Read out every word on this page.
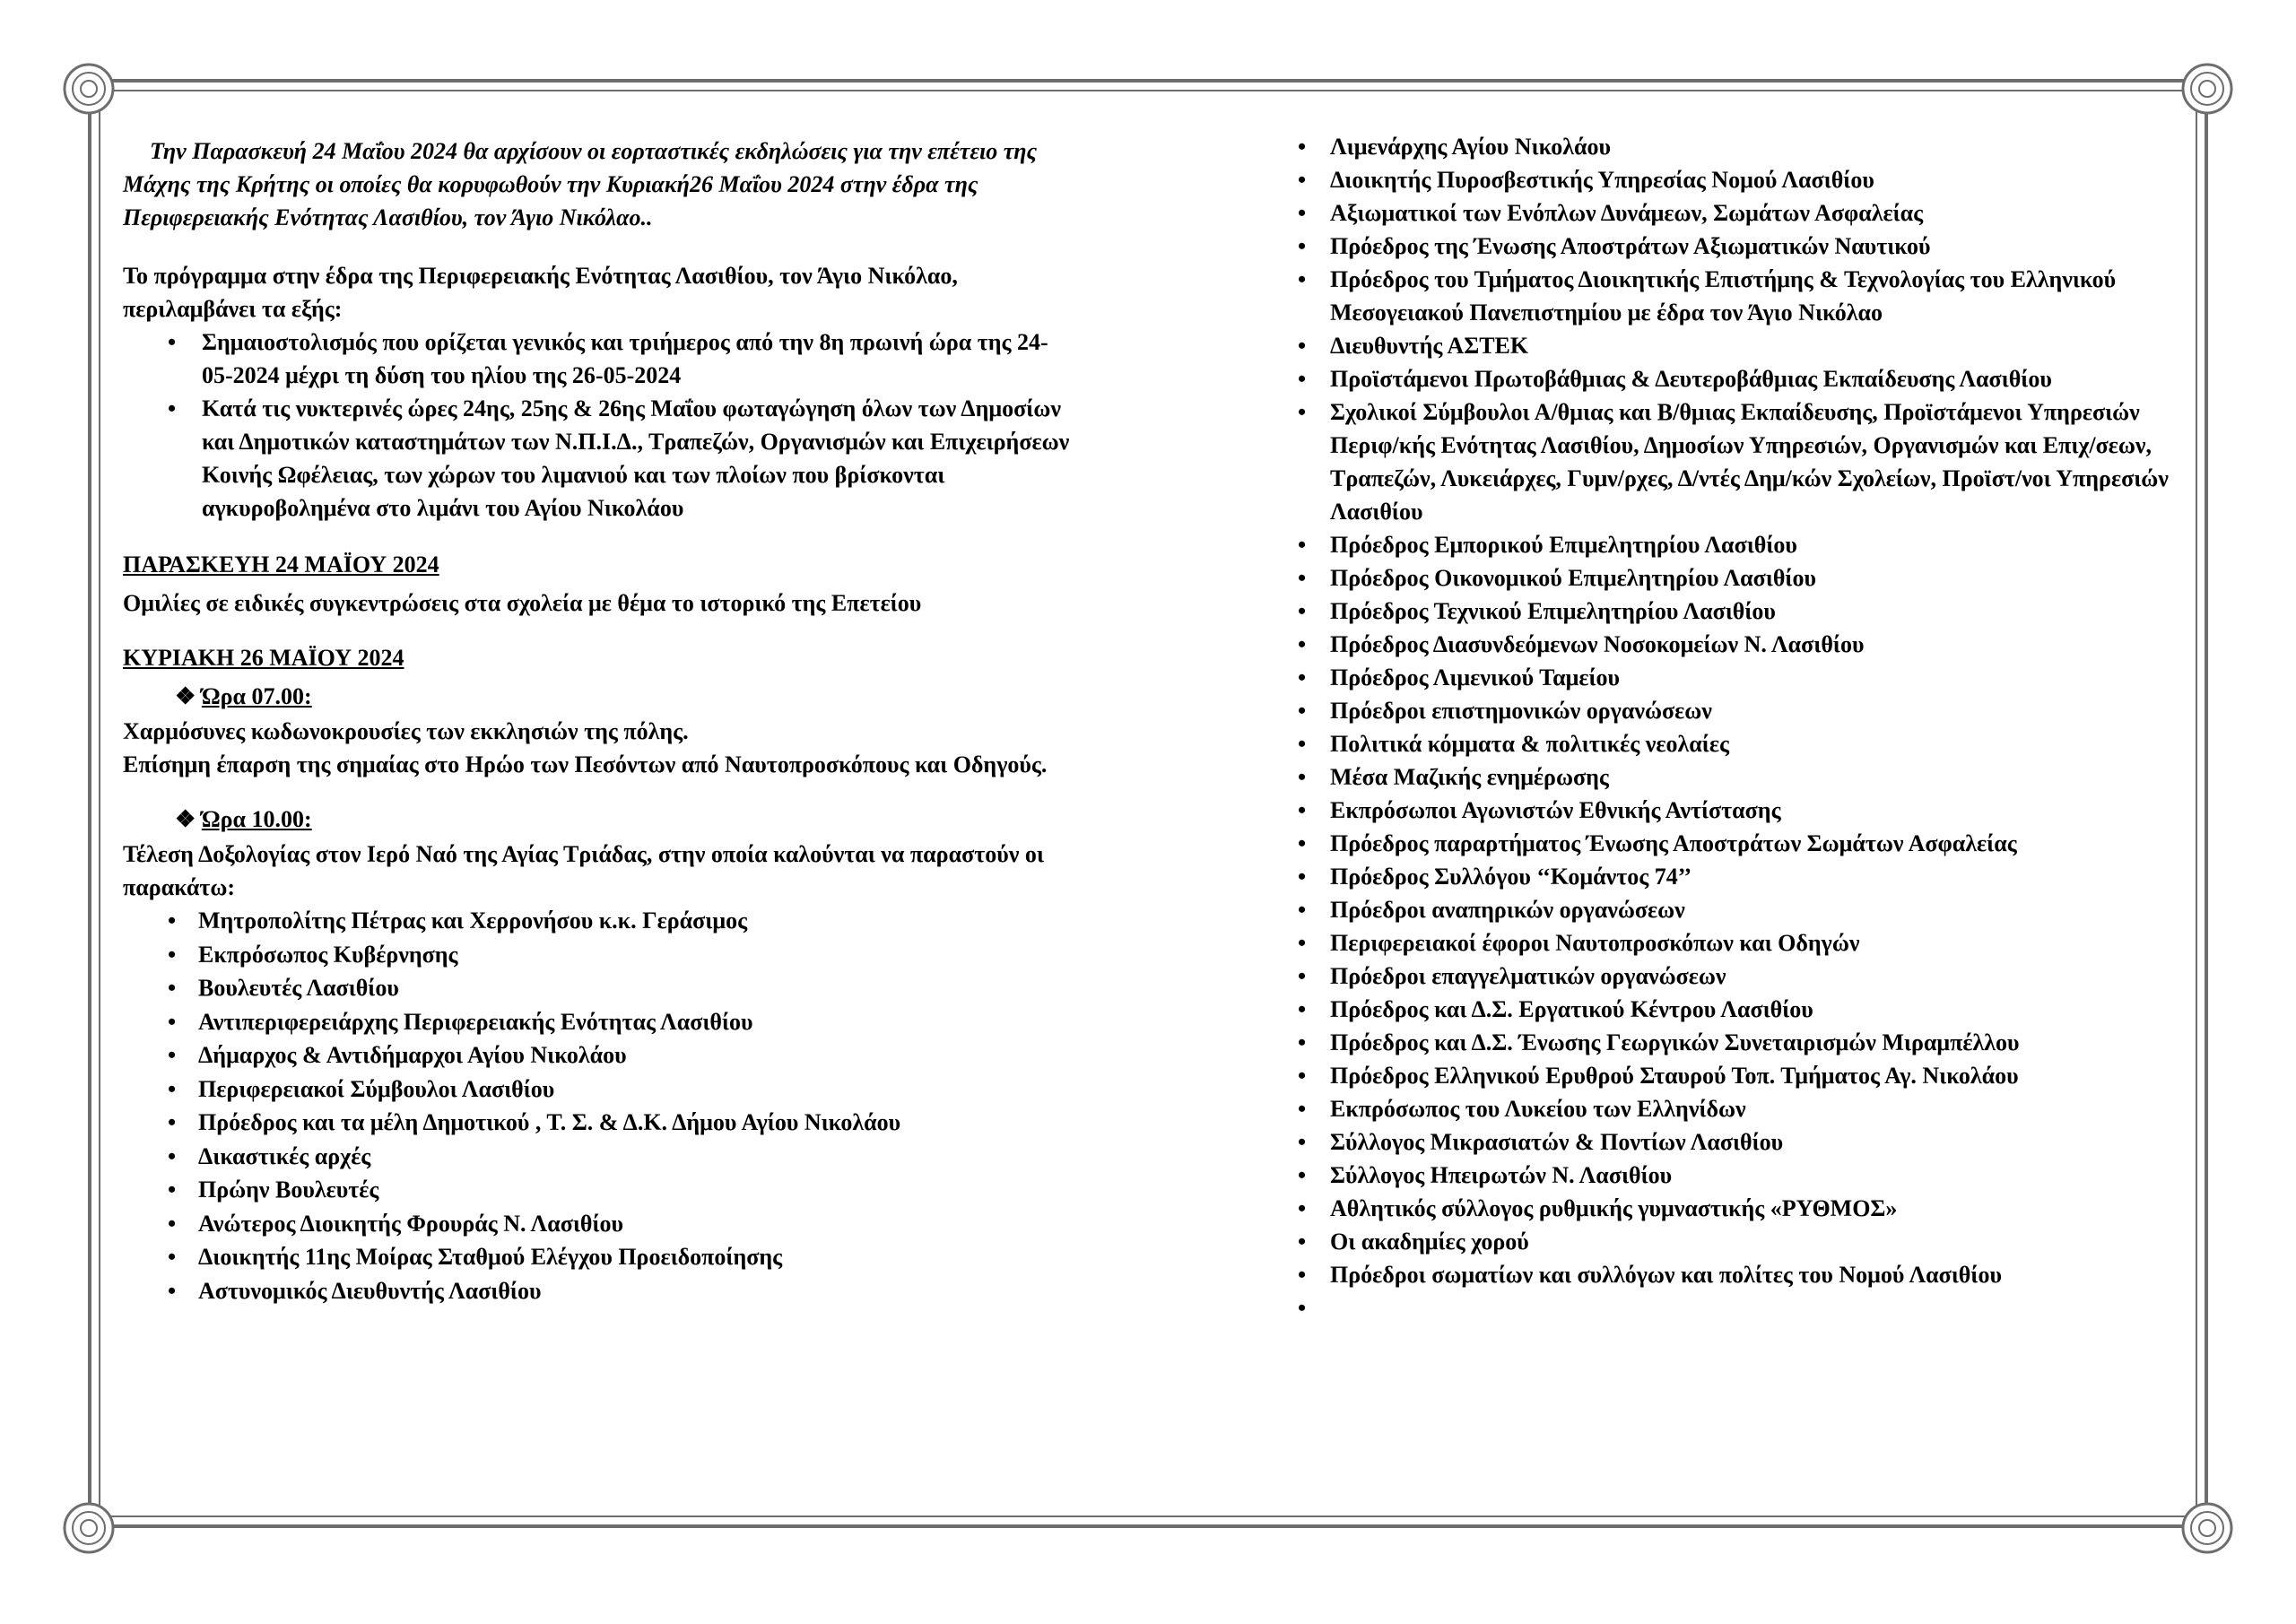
Την Παρασκευή 24 Μαΐου 2024 θα αρχίσουν οι εορταστικές εκδηλώσεις για την επέτειο της Μάχης της Κρήτης οι οποίες θα κορυφωθούν την Κυριακή26 Μαΐου 2024 στην έδρα της Περιφερειακής Ενότητας Λασιθίου, τον Άγιο Νικόλαο..

Το πρόγραμμα στην έδρα της Περιφερειακής Ενότητας Λασιθίου, τον Άγιο Νικόλαο, περιλαμβάνει τα εξής:

• Σημαιοστολισμός που ορίζεται γενικός και τριήμερος από την 8η πρωινή ώρα της 24-05-2024 μέχρι τη δύση του ηλίου της 26-05-2024
• Κατά τις νυκτερινές ώρες 24ης, 25ης & 26ης Μαΐου φωταγώγηση όλων των Δημοσίων και Δημοτικών καταστημάτων των Ν.Π.Ι.Δ., Τραπεζών, Οργανισμών και Επιχειρήσεων Κοινής Ωφέλειας, των χώρων του λιμανιού και των πλοίων που βρίσκονται αγκυροβολημένα στο λιμάνι του Αγίου Νικολάου

ΠΑΡΑΣΚΕΥΗ 24 ΜΑΪΟΥ 2024

Ομιλίες σε ειδικές συγκεντρώσεις στα σχολεία με θέμα το ιστορικό της Επετείου

ΚΥΡΙΑΚΗ 26 ΜΑΪΟΥ 2024

❖ Ώρα 07.00:

Χαρμόσυνες κωδωνοκρουσίες των εκκλησιών της πόλης.

Επίσημη έπαρση της σημαίας στο Ηρώο των Πεσόντων από Ναυτοπροσκόπους και Οδηγούς.

❖ Ώρα 10.00:

Τέλεση Δοξολογίας στον Ιερό Ναό της Αγίας Τριάδας, στην οποία καλούνται να παραστούν οι παρακάτω:

• Μητροπολίτης Πέτρας και Χερρονήσου κ.κ. Γεράσιμος
• Εκπρόσωπος Κυβέρνησης
• Βουλευτές Λασιθίου
• Αντιπεριφερειάρχης Περιφερειακής Ενότητας Λασιθίου
• Δήμαρχος & Αντιδήμαρχοι Αγίου Νικολάου
• Περιφερειακοί Σύμβουλοι Λασιθίου
• Πρόεδρος και τα μέλη Δημοτικού , Τ. Σ. & Δ.Κ. Δήμου Αγίου Νικολάου
• Δικαστικές αρχές
• Πρώην Βουλευτές
• Ανώτερος Διοικητής Φρουράς Ν. Λασιθίου
• Διοικητής 11ης Μοίρας Σταθμού Ελέγχου Προειδοποίησης
• Αστυνομικός Διευθυντής Λασιθίου
• Λιμενάρχης Αγίου Νικολάου
• Διοικητής Πυροσβεστικής Υπηρεσίας Νομού Λασιθίου
• Αξιωματικοί των Ενόπλων Δυνάμεων, Σωμάτων Ασφαλείας
• Πρόεδρος της Ένωσης Αποστράτων Αξιωματικών Ναυτικού
• Πρόεδρος του Τμήματος Διοικητικής Επιστήμης & Τεχνολογίας του Ελληνικού Μεσογειακού Πανεπιστημίου με έδρα τον Άγιο Νικόλαο
• Διευθυντής ΑΣΤΕΚ
• Προϊστάμενοι Πρωτοβάθμιας & Δευτεροβάθμιας Εκπαίδευσης Λασιθίου
• Σχολικοί Σύμβουλοι Α/θμιας και Β/θμιας Εκπαίδευσης, Προϊστάμενοι Υπηρεσιών Περιφ/κής Ενότητας Λασιθίου, Δημοσίων Υπηρεσιών, Οργανισμών και Επιχ/σεων, Τραπεζών, Λυκειάρχες, Γυμν/ρχες, Δ/ντές Δημ/κών Σχολείων, Προϊστ/νοι Υπηρεσιών Λασιθίου
• Πρόεδρος Εμπορικού Επιμελητηρίου Λασιθίου
• Πρόεδρος Οικονομικού Επιμελητηρίου Λασιθίου
• Πρόεδρος Τεχνικού Επιμελητηρίου Λασιθίου
• Πρόεδρος Διασυνδεόμενων Νοσοκομείων Ν. Λασιθίου
• Πρόεδρος Λιμενικού Ταμείου
• Πρόεδροι επιστημονικών οργανώσεων
• Πολιτικά κόμματα & πολιτικές νεολαίες
• Μέσα Μαζικής ενημέρωσης
• Εκπρόσωποι Αγωνιστών Εθνικής Αντίστασης
• Πρόεδρος παραρτήματος Ένωσης Αποστράτων Σωμάτων Ασφαλείας
• Πρόεδρος Συλλόγου ‘‘Κομάντος 74’’
• Πρόεδροι αναπηρικών οργανώσεων
• Περιφερειακοί έφοροι Ναυτοπροσκόπων και Οδηγών
• Πρόεδροι επαγγελματικών οργανώσεων
• Πρόεδρος και Δ.Σ. Εργατικού Κέντρου Λασιθίου
• Πρόεδρος και Δ.Σ. Ένωσης Γεωργικών Συνεταιρισμών Μιραμπέλλου
• Πρόεδρος Ελληνικού Ερυθρού Σταυρού Τοπ. Τμήματος Αγ. Νικολάου
• Εκπρόσωπος του Λυκείου των Ελληνίδων
• Σύλλογος Μικρασιατών & Ποντίων Λασιθίου
• Σύλλογος Ηπειρωτών Ν. Λασιθίου
• Αθλητικός σύλλογος ρυθμικής γυμναστικής «ΡΥΘΜΟΣ»
• Οι ακαδημίες χορού
• Πρόεδροι σωματίων και συλλόγων και πολίτες του Νομού Λασιθίου
